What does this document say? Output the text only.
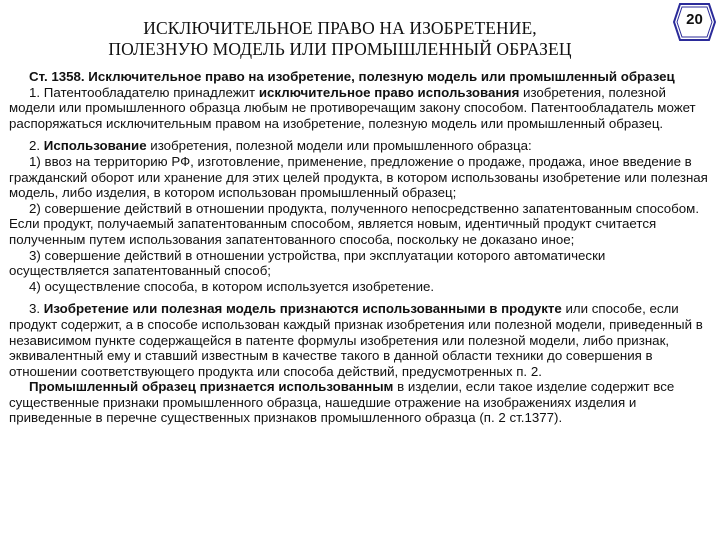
ИСКЛЮЧИТЕЛЬНОЕ ПРАВО НА ИЗОБРЕТЕНИЕ,
ПОЛЕЗНУЮ МОДЕЛЬ ИЛИ ПРОМЫШЛЕННЫЙ ОБРАЗЕЦ
20

Ст. 1358. Исключительное право на изобретение, полезную модель или промышленный образец

1. Патентообладателю принадлежит исключительное право использования изобретения, полезной модели или промышленного образца любым не противоречащим закону способом. Патентообладатель может распоряжаться исключительным правом на изобретение, полезную модель или промышленный образец.

2. Использование изобретения, полезной модели или промышленного образца:

1) ввоз на территорию РФ, изготовление, применение, предложение о продаже, продажа, иное введение в гражданский оборот или хранение для этих целей продукта, в котором использованы изобретение или полезная модель, либо изделия, в котором использован промышленный образец;

2) совершение действий в отношении продукта, полученного непосредственно запатентованным способом. Если продукт, получаемый запатентованным способом, является новым, идентичный продукт считается полученным путем использования запатентованного способа, поскольку не доказано иное;

3) совершение действий в отношении устройства, при эксплуатации которого автоматически осуществляется запатентованный способ;

4) осуществление способа, в котором используется изобретение.

3. Изобретение или полезная модель признаются использованными в продукте или способе, если продукт содержит, а в способе использован каждый признак изобретения или полезной модели, приведенный в независимом пункте содержащейся в патенте формулы изобретения или полезной модели, либо признак, эквивалентный ему и ставший известным в качестве такого в данной области техники до совершения в отношении соответствующего продукта или способа действий, предусмотренных п. 2.

Промышленный образец признается использованным в изделии, если такое изделие содержит все существенные признаки промышленного образца, нашедшие отражение на изображениях изделия и приведенные в перечне существенных признаков промышленного образца (п. 2 ст.1377).
